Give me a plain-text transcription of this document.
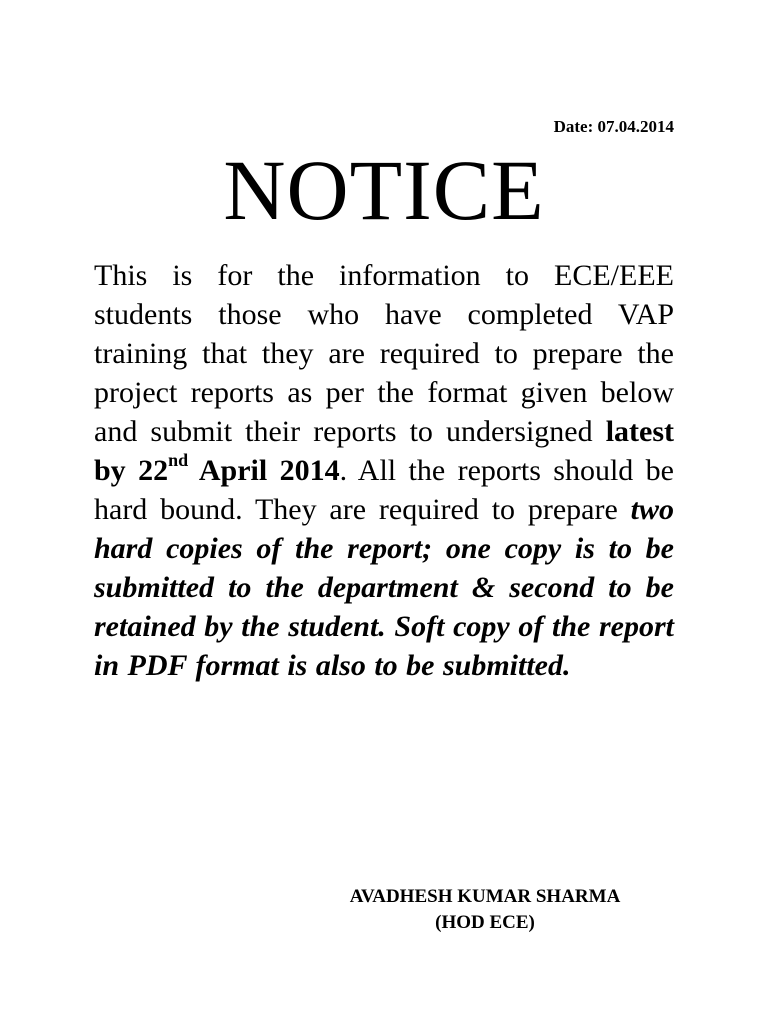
Date: 07.04.2014
NOTICE
This is for the information to ECE/EEE students those who have completed VAP training that they are required to prepare the project reports as per the format given below and submit their reports to undersigned latest by 22nd April 2014. All the reports should be hard bound. They are required to prepare two hard copies of the report; one copy is to be submitted to the department & second to be retained by the student. Soft copy of the report in PDF format is also to be submitted.
AVADHESH KUMAR SHARMA
(HOD ECE)
